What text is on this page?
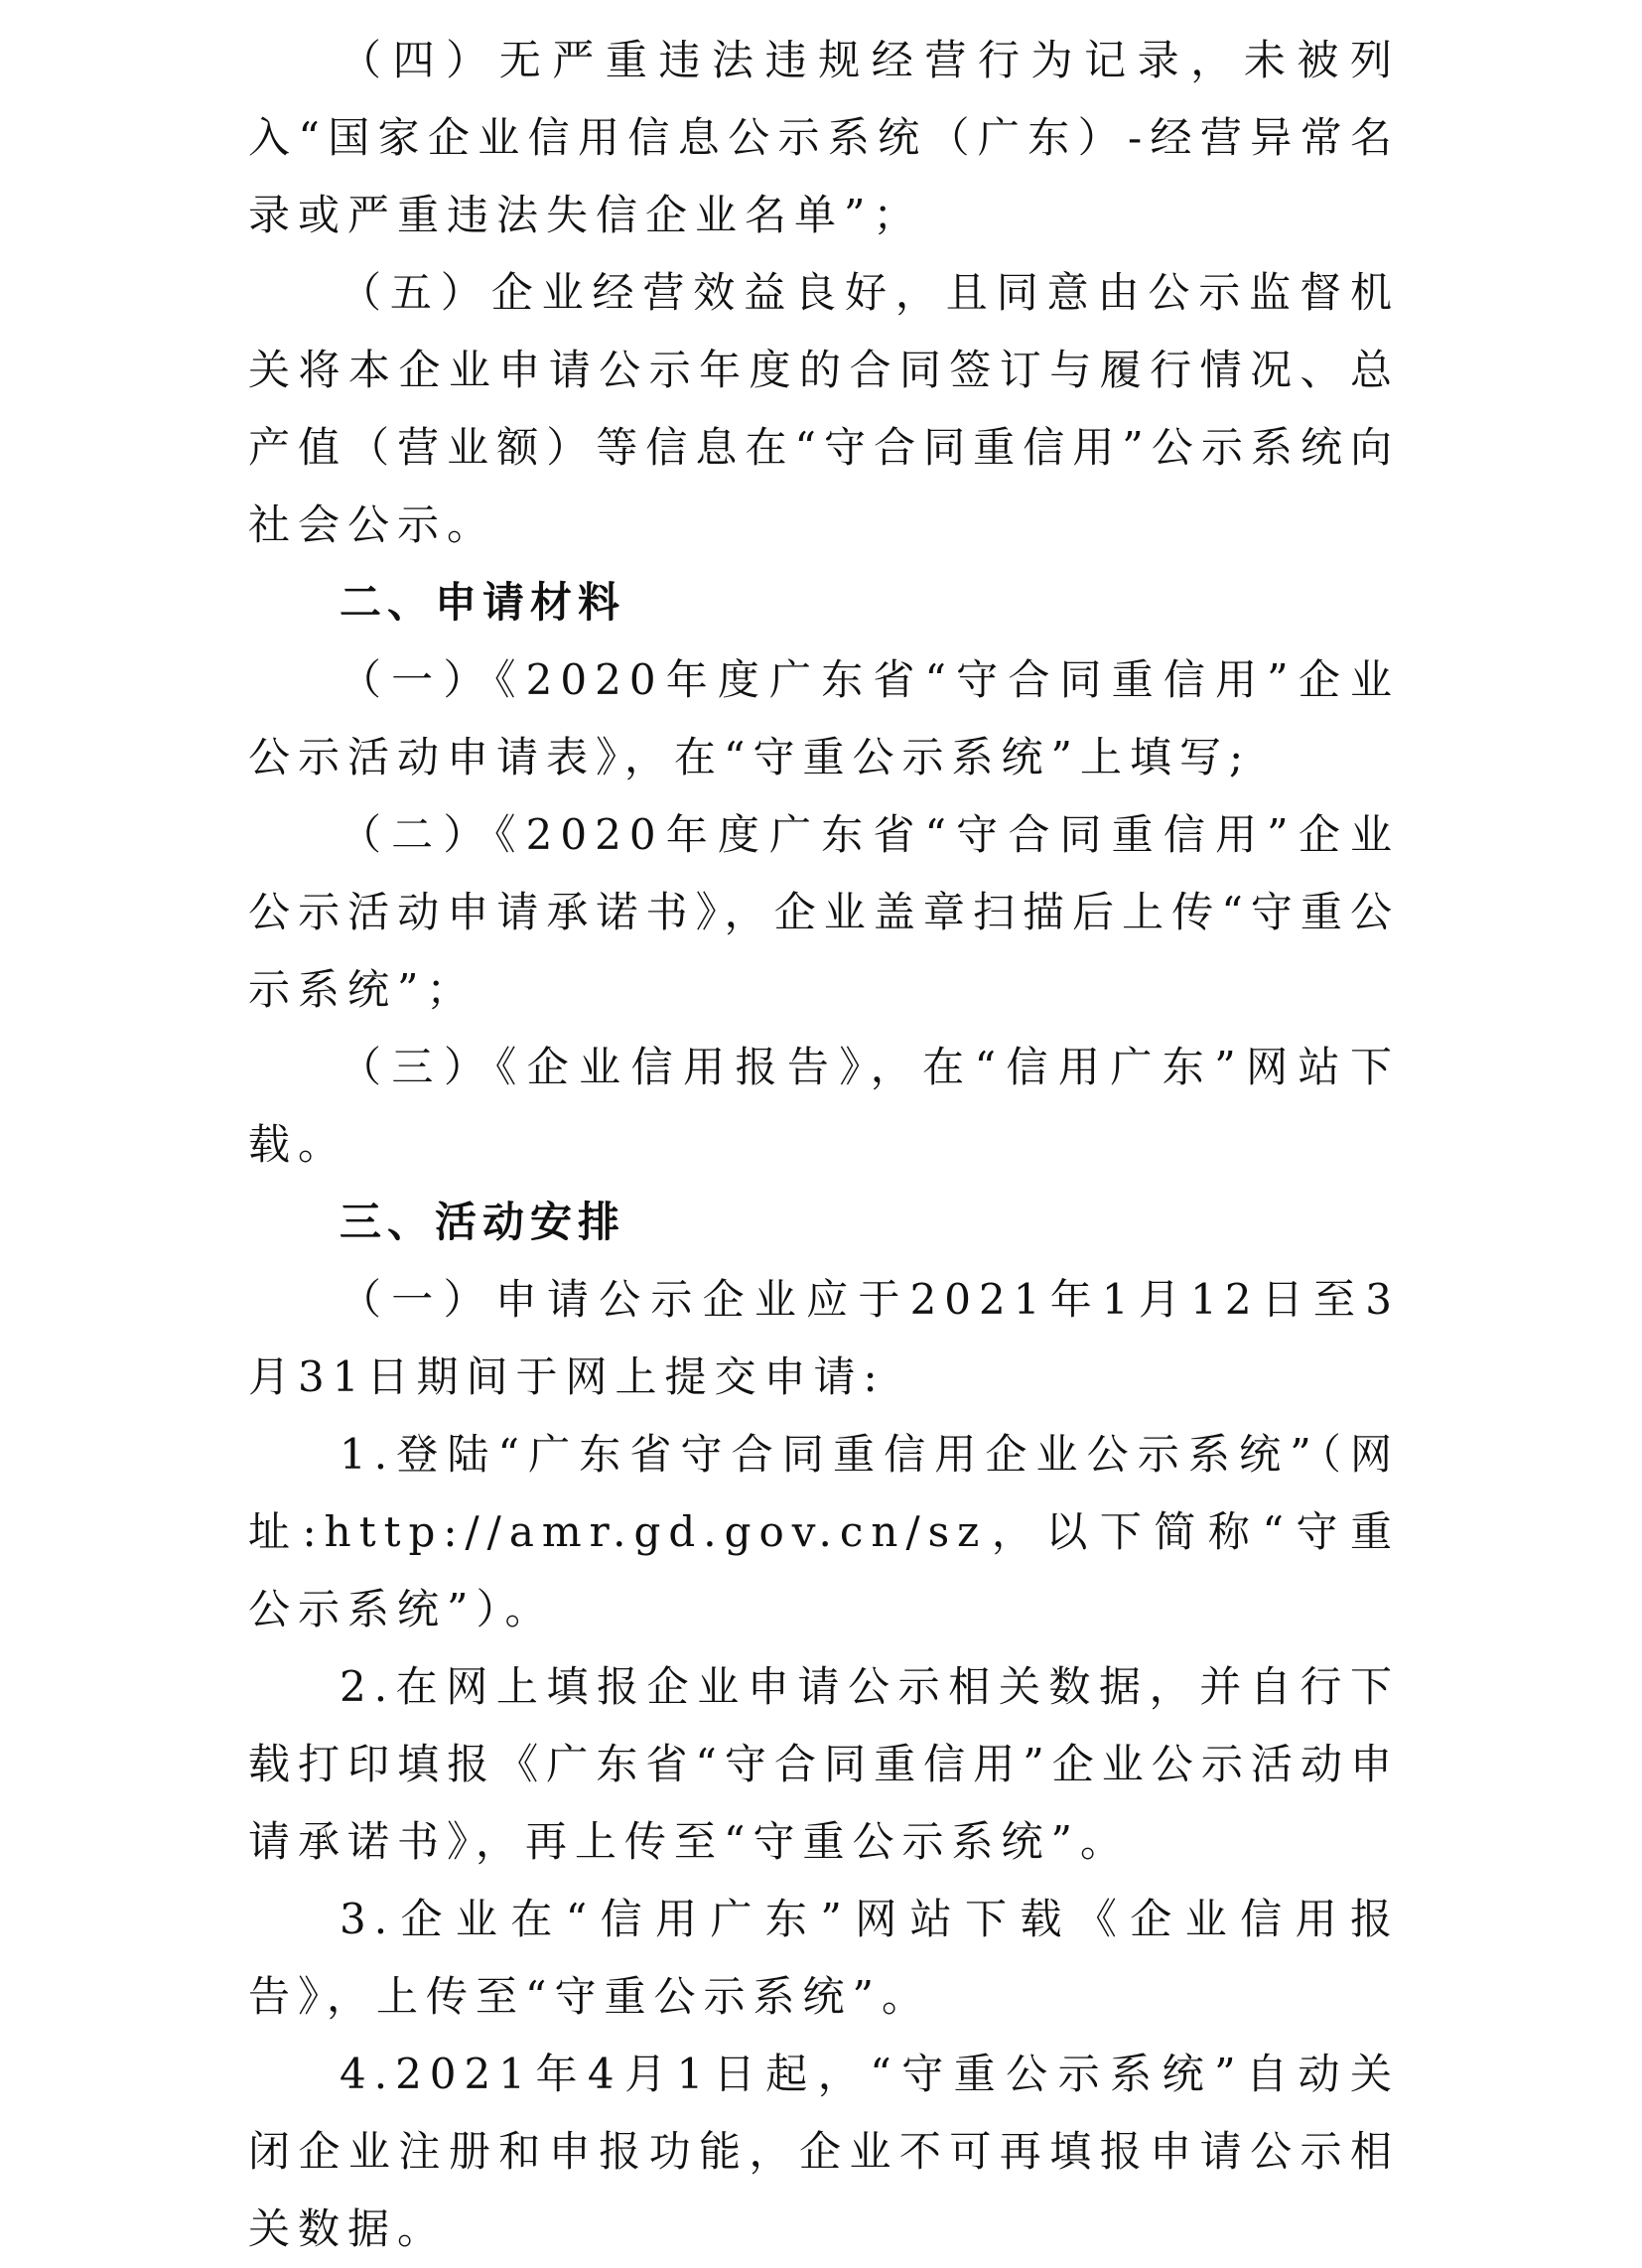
（四）无严重违法违规经营行为记录，未被列入“国家企业信用信息公示系统（广东）-经营异常名录或严重违法失信企业名单”；

（五）企业经营效益良好，且同意由公示监督机关将本企业申请公示年度的合同签订与履行情况、总产值（营业额）等信息在“守合同重信用”公示系统向社会公示。

二、申请材料

（一）《2020年度广东省“守合同重信用”企业公示活动申请表》，在“守重公示系统”上填写;

（二）《2020年度广东省“守合同重信用”企业公示活动申请承诺书》，企业盖章扫描后上传“守重公示系统”；

（三）《企业信用报告》，在“信用广东”网站下载。

三、活动安排

（一）申请公示企业应于2021年1月12日至3月31日期间于网上提交申请:

1.登陆“广东省守合同重信用企业公示系统”（网址:http://amr.gd.gov.cn/sz，以下简称“守重公示系统”）。

2.在网上填报企业申请公示相关数据，并自行下载打印填报《广东省“守合同重信用”企业公示活动申请承诺书》，再上传至“守重公示系统”。

3.企业在“信用广东”网站下载《企业信用报告》，上传至“守重公示系统”。

4.2021年4月1日起，“守重公示系统”自动关闭企业注册和申报功能，企业不可再填报申请公示相关数据。
